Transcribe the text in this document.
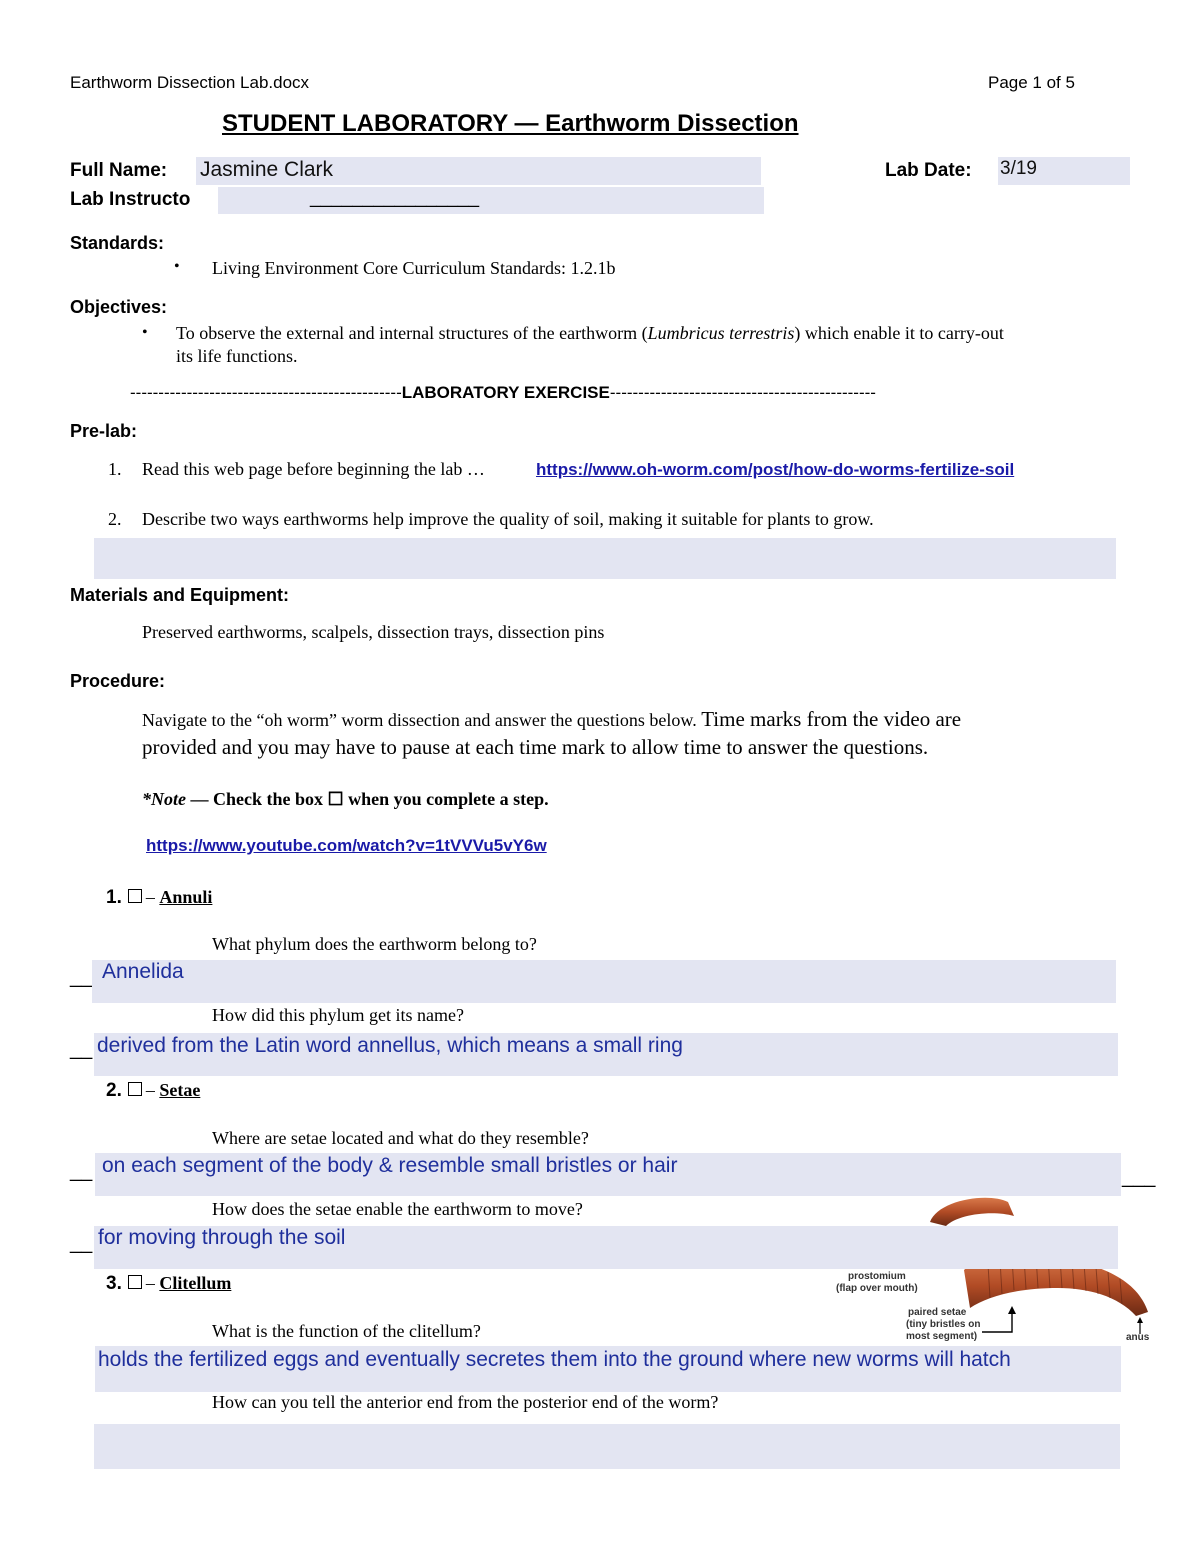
Earthworm Dissection Lab.docx	Page 1 of 5
STUDENT LABORATORY — Earthworm Dissection
Full Name: Jasmine Clark	Lab Date: 3/19
Lab Instructo	________________
Standards:
• Living Environment Core Curriculum Standards: 1.2.1b
Objectives:
• To observe the external and internal structures of the earthworm (Lumbricus terrestris) which enable it to carry-out
its life functions.
------------------------------------------------LABORATORY EXERCISE-----------------------------------------------
Pre-lab:
1. Read this web page before beginning the lab …	https://www.oh-worm.com/post/how-do-worms-fertilize-soil
2. Describe two ways earthworms help improve the quality of soil, making it suitable for plants to grow.
Materials and Equipment:
Preserved earthworms, scalpels, dissection trays, dissection pins
Procedure:
Navigate to the “oh worm” worm dissection and answer the questions below. Time marks from the video are
provided and you may have to pause at each time mark to allow time to answer the questions.
*Note — Check the box ☐ when you complete a step.
https://www.youtube.com/watch?v=1tVVVu5vY6w
1. – Annuli
What phylum does the earthworm belong to?
__ Annelida
How did this phylum get its name?
__ derived from the Latin word annellus, which means a small ring
2. – Setae
Where are setae located and what do they resemble?
__ on each segment of the body & resemble small bristles or hair	___
prostomium
(flap over mouth)
paired setae
(tiny bristles on
most segment)	anus
How does the setae enable the earthworm to move?
__ for moving through the soil
3. – Clitellum
What is the function of the clitellum?
holds the fertilized eggs and eventually secretes them into the ground where new worms will hatch
How can you tell the anterior end from the posterior end of the worm?
